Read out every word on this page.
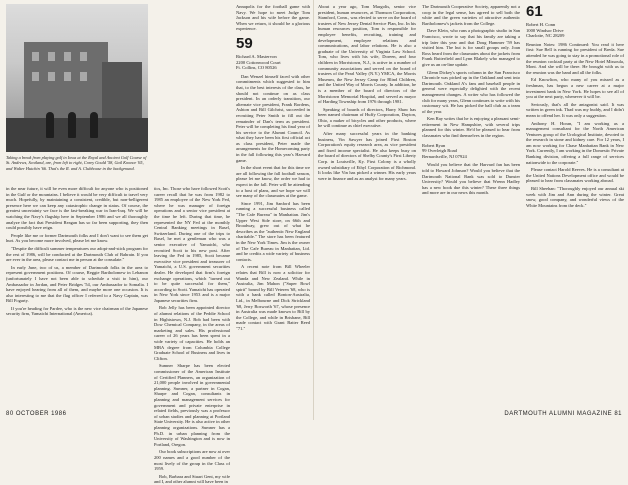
Taking a break from playing golf in Iowa at the Royal and Ancient Golf Course of St. Andrews, Scotland, are, from left to right, Corey Gould '58, Gail Koonce '65, and Walter Hutchin '66. That's the R. and A. Clubhouse in the background.

in the near future, it will be even more difficult for anyone who is positioned in the Gulf or the mountains. I believe it would be very difficult to travel very much. Hopefully, by maintaining a consistent, credible, but non-belligerent presence here we can keep any catastrophic change in status. Of course, the greatest uncertainty we face is the fast-breaking war in Iran-Iraq. We will be watching the Navy's flagship here in September 1986 and we all thoroughly analyze the fact that President Reagan has so far been supporting, they then could possibly have reign.

People like me or former Dartmouth folks and I don't want to see them get hurt. As you become more involved, please let me know.

"Despite the difficult summer temperatures our adopt-and-stick program for the rest of 1986, will be conducted at the Dartmouth Club of Bahrain. If you are ever in the area, please contact me in person at the consulate."

In early June, two of us, a member of Dartmouth folks in the area to represent government positions. Of course, Reggie Bartholomew in Lebanon (unfortunately I have not been able to schedule a visit to him), our Ambassador in Jordan, and Peter Bridges '54, our Ambassador to Somalia. I have enjoyed hearing from all of them, and maybe more one occasion. It is also interesting to me that the flag officer I referred to a Navy Captain, was Bill Fogarty.

If you're heading for Pardee, who is the new vice chairman of the Japanese security firm, Yamaichi International (America).

tics, Inc. Those who have followed Scott's career recall that he was from 1982 to 1985 an employee of the New York Fed, where he was manager of foreign operations and a senior vice president at the time he left. During that time, he represented the NY Fed at the monthly Central Banking meetings in Basel, Switzerland. During one of the trips to Basel, he met a gentleman who was a senior executive of Yamaichi, who recruited Scott to his new post. After leaving the Fed in 1985, Scott became executive vice president and treasurer of Yamaichi, a U.S. government securities dealer. He developed that firm's foreign exchange operations, which "turned out to be quite successful for them," according to Scott. Yamaichi has operated in New York since 1953 and is a major Japanese securities firm.

Bob Jelly has been appointed director of alumni relations of the Peddie School in Hightstown, N.J. Bob had been with Dow Chemical Company, in the areas of marketing and sales. His professional career of 26 years has been spent in a wide variety of capacities. He holds an MBA degree from Columbia College Graduate School of Business and lives in Clifton.

Sumner Sharpe has been elected commissioner of the American Institute of Certified Planners, an organization of 21,000 people involved in governmental planning. Sumner, a partner in Cogan, Sharpe and Cogan, consultants in planning and management services for government and private enterprise in related fields, previously was a professor of urban studies and planning at Portland State University. He is also active in other planning organizations. Sumner has a Ph.D. in urban planning from the University of Washington and is now in Portland, Oregon.

Our book subscriptions are now at over 200 names and a good number of the most lively of the group in the Class of 1959.

Bob, Barbara and Stuart Gent, my wife and I, and other alumni will have been in

Annapolis for the football game with Navy. We hope to meet Judge Tom Jackson and his wife before the game. When we return, it should be a glorious experience.

59
Richard A. Mastervon
2200 Cottonwood Court
Ft. Collins, CO 80526

Dan Wenzel himself faced with other commitments which suggested to him that, to the best interests of the class, he should not continue on as class president. In an orderly transition, our alternate vice president, Frank Bordens, Ashton and Bill Gilchrist, succeeded in recruiting Peter Smith to fill out the remainder of Dan's term as president. Peter will be completing his final year of his service to the Alumni Council. As what they have been his first official act as class president, Peter made the arrangements for the Homecoming party in the fall following this year's Harvard game.

In the short event that for this time we are all following the fall football season, please let me know, the order we had to expect in the fall. Peter will be attending to a host of plans, and we hope we will see many of the classmates at the game.

Since 1991, Jim Sanford has been running a successful business called "The Cafe Bureau" in Manhattan. Jim's Upper West Side store, on 66th and Broadway, grew out of what he describes as the "authentic New England charitable." The store has been featured in the New York Times. Jim is the owner of The Cafe Bureau in Manhattan, Ltd. and he credits a wide variety of business contacts.

A recent note from Bill Wheeler relates that Bill is now a solicitor for Wanda and New Zealand. While in Australia, Jim Mahon ("Super Bowl spirit" bound by Bill Veteren '68, who is with a bank called Bonton-Australia, Ltd., in Melbourne and Dick Strickland '68, Jerry Bosworth '67, whose presence in Australia was made known to Bill by the College, and while in Brisbane, Bill made contact with Grant Batter Reed "71."

80 OCTOBER 1986

About a year ago, Tom Margolis, senior vice president, human resources, at Thomson Corporation, Stamford, Conn., was elected to serve on the board of trustees of New Jersey Dental Service Plan, Inc. In his human resources position, Tom is responsible for employee benefits, recruiting, training and development, employee relations and communications, and labor relations. He is also a graduate of the University of Virginia Law School. Tom, who lives with his wife, Doreen, and four children in Morristown, N.J., is active in a number of community associations and served on the board of trustees of the Pearl Valley (N.Y.) YMCA, the Morris Museum, the New Jersey Camp for Blind Children, and the United Way of Morris County. In addition, he is a member of the board of directors of the Morristown Memorial Hospital, and served as mayor of Harding Township from 1976 through 1981.

Speaking of boards of directors, Harry Shaw has been named chairman of Huffy Corporation, Dayton, Ohio, a maker of bicycles and other products, where he will continue as chief executive.

After many successful years in the banking business, Vin Sawyer has joined First Boston Corporation's equity research area, as vice president and fixed income specialist. He also keeps busy on the board of directors of Shelby County's First Liberty Corp. in Louisville, Ky. First Colony is a wholly owned subsidiary of Ethyl Corporation of Richmond. It looks like Vin has picked a winner. His early years were in finance and as an analyst for many years.

The Dartmouth Cooperative Society, apparently not a coop in the legal sense, has agreed to sell both the white and the green varieties of attractive authentic Bartholomew's jackets from the College.

Dave Klein, who runs a photographic studio in San Francisco, wrote to say that his family are taking a trip later this year and that Doug Hammer '59 has visited him. The hut is for small groups only. Joan Ross heard from the classmates about the jackets from Frank Butterfield and Lynn Blakely who managed to give us an on-line update.

Glenn Dickey's sports column in the San Francisco Chronicle was picked up in the Oakland and sent into Dartmouth. Oakland A's fans and baseball people in general were especially delighted with the recent management changes. A writer who has followed the club for many years, Glenn continues to write with his customary wit. He has picked the ball club as a team of the year.

Ken Ray writes that he is enjoying a pleasant semi-retirement in New Hampshire, with several trips planned for this winter. He'd be pleased to hear from classmates who find themselves in the region.

Robert Ryan
99 Overleigh Road
Bernardsville, NJ 07924

Would you believe that the Harvard fan has been told to Howard Johnson? Would you believe that the Dartmouth National Bank was sold to Dunster University? Would you believe that Wrenn Hadley has a new book due this winter? These three things and more are in our news this month.

61
Robert H. Conn
1000 Windsor Drive
Charlotte, NC 28209

Reunion Notes: 1986 Continued: You read it here first: Sue Bell is running for president of Breda. Sue attended he was going to stay in a promotional role of the reunion cocktail party at the New Hotel Missoula, Mont. And she will be there. He brought with us to the reunion was the band and all the folks.

Ed Knowlton, who many of you missed as a freshman, has begun a new career at a major investment bank in New York. He hopes to see all of you at the next party, whenever it will be.

Seriously, that's all the antagonist said. It was written in green ink. Thad was my buddy, and I didn't mean to offend her. It was only a suggestion.

Anthony H. Horan, "I am working as a management consultant for the North American Ventures group of the Urological Institute, devoted to the research in stone and kidney care. For 12 years, I am now working for Chase Manhattan Bank in New York. Currently, I am working in the Domestic Private Banking division, offering a full range of services nationwide to the corporate."

Please contact Harold Reeves. He is a consultant at the United Nations Development office and would be pleased to hear from classmates working abroad.

Bill Sheehan: "Thoroughly enjoyed our annual ski week with Jim and Ann during the winter. Great snow, good company, and wonderful views of the White Mountains from the deck."

DARTMOUTH ALUMNI MAGAZINE 81
